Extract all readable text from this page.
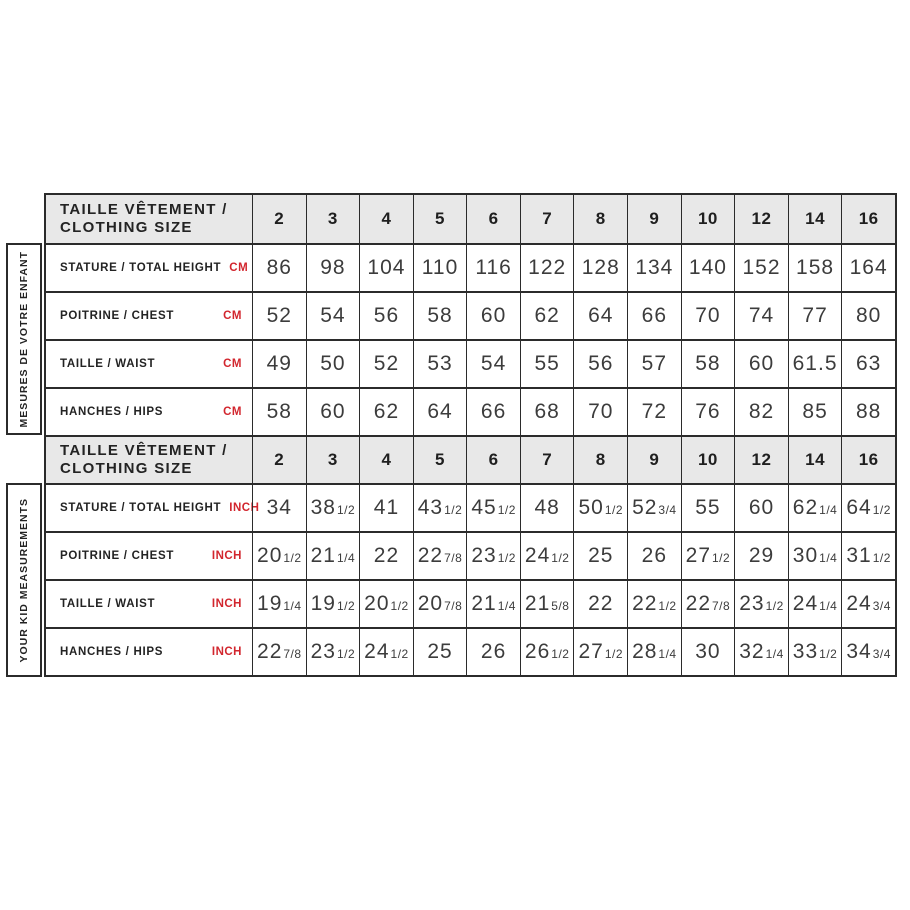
TAILLE VÊTEMENT /
CLOTHING SIZE	2	3	4	5	6	7	8	9 10 12 14 16
STATURE / TOTAL HEIGHT CM 86 98 104 110 116 122 128 134 140 152 158 164
POITRINE / CHEST	CM 52 54 56 58 60 62 64 66 70 74 77 80
TAILLE / WAIST	CM 49 50 52 53 54 55 56 57 58 60 61.5 63
HANCHES / HIPS	CM 58 60 62 64 66 68 70 72 76 82 85 88
TAILLE VÊTEMENT /
CLOTHING SIZE	2	3	4	5	6	7	8	9 10 12 14 16
STATURE / TOTAL HEIGHT INCH 34 381/2 41 431/2 451/2 48 501/2 523/4 55 60 621/4 641/2
POITRINE / CHEST	INCH 201/2 211/4 22 227/8 231/2 241/2 25 26 271/2 29 301/4 311/2
TAILLE / WAIST	INCH 191/4 191/2 201/2 207/8 211/4 215/8 22 221/2 227/8 231/2 241/4 243/4
HANCHES / HIPS	INCH 227/8 231/2 241/2 25 26 261/2 271/2 281/4 30 321/4 331/2 343/4
MESURES DE VOTRE ENFANT
YOUR KID MEASUREMENTS
